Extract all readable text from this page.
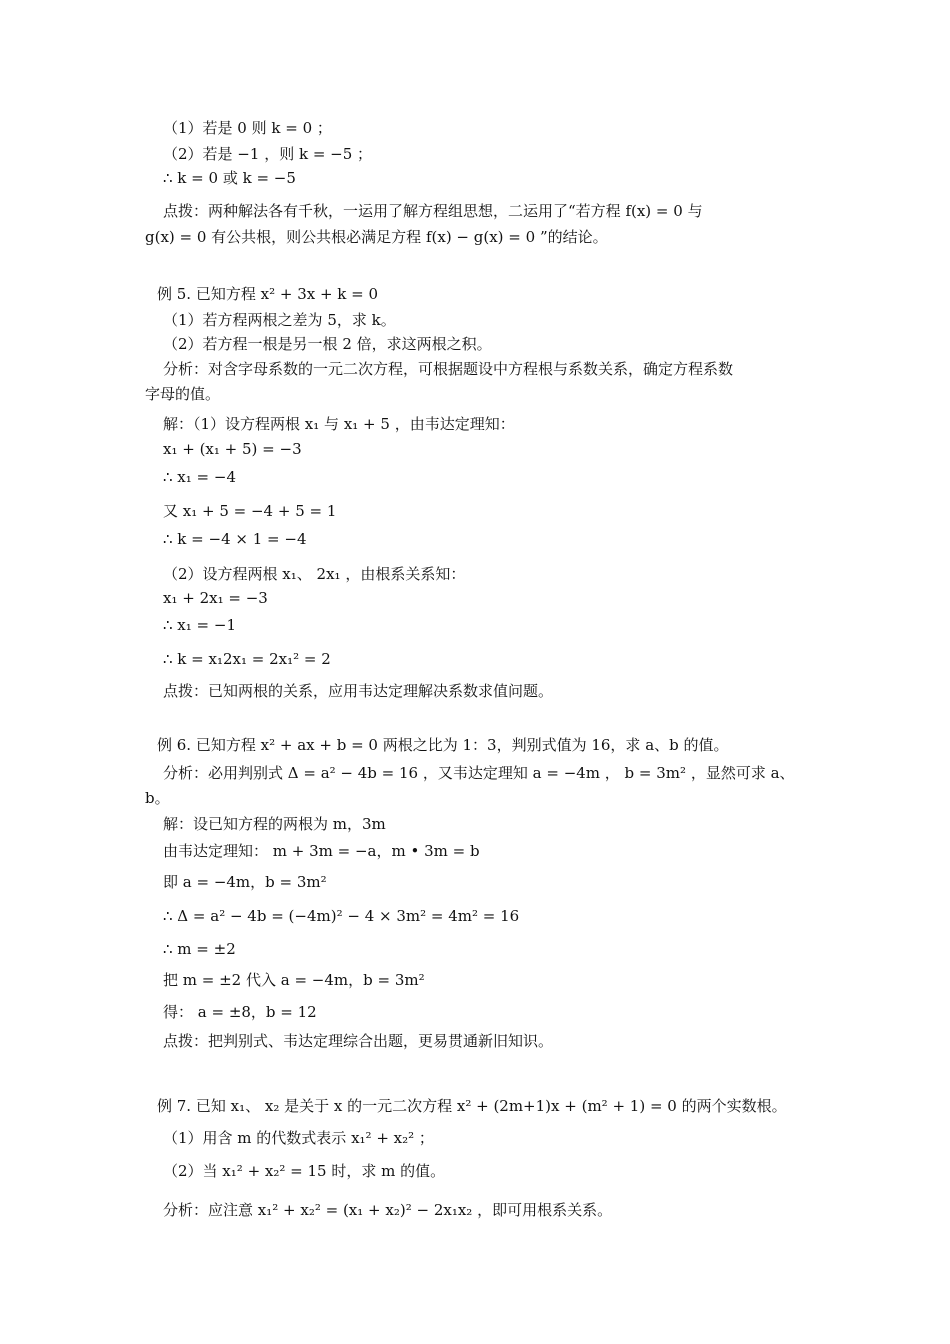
（1）若是 0 则 k = 0 ；
（2）若是 −1 ，则 k = −5 ；
∴ k = 0 或 k = −5
点拨：两种解法各有千秋，一运用了解方程组思想，二运用了“若方程 f(x) = 0 与
g(x) = 0 有公共根，则公共根必满足方程 f(x) − g(x) = 0 ”的结论。
例 5. 已知方程 x² + 3x + k = 0
（1）若方程两根之差为 5，求 k。
（2）若方程一根是另一根 2 倍，求这两根之积。
分析：对含字母系数的一元二次方程，可根据题设中方程根与系数关系，确定方程系数
字母的值。
解：（1）设方程两根 x₁ 与 x₁ + 5 ，由韦达定理知：
x₁ + (x₁ + 5) = −3
∴ x₁ = −4
又 x₁ + 5 = −4 + 5 = 1
∴ k = −4 × 1 = −4
（2）设方程两根 x₁、 2x₁ ，由根系关系知：
x₁ + 2x₁ = −3
∴ x₁ = −1
∴ k = x₁2x₁ = 2x₁² = 2
点拨：已知两根的关系，应用韦达定理解决系数求值问题。
例 6. 已知方程 x² + ax + b = 0 两根之比为 1：3，判别式值为 16，求 a、b 的值。
分析：必用判别式 Δ = a² − 4b = 16 ，又韦达定理知 a = −4m ， b = 3m² ，显然可求 a、
b。
解：设已知方程的两根为 m，3m
由韦达定理知： m + 3m = −a，m • 3m = b
即 a = −4m，b = 3m²
∴ Δ = a² − 4b = (−4m)² − 4 × 3m² = 4m² = 16
∴ m = ±2
把 m = ±2 代入 a = −4m，b = 3m²
得： a = ±8，b = 12
点拨：把判别式、韦达定理综合出题，更易贯通新旧知识。
例 7. 已知 x₁、 x₂ 是关于 x 的一元二次方程 x² + (2m+1)x + (m² + 1) = 0 的两个实数根。
（1）用含 m 的代数式表示 x₁² + x₂² ；
（2）当 x₁² + x₂² = 15 时，求 m 的值。
分析：应注意 x₁² + x₂² = (x₁ + x₂)² − 2x₁x₂ ，即可用根系关系。
